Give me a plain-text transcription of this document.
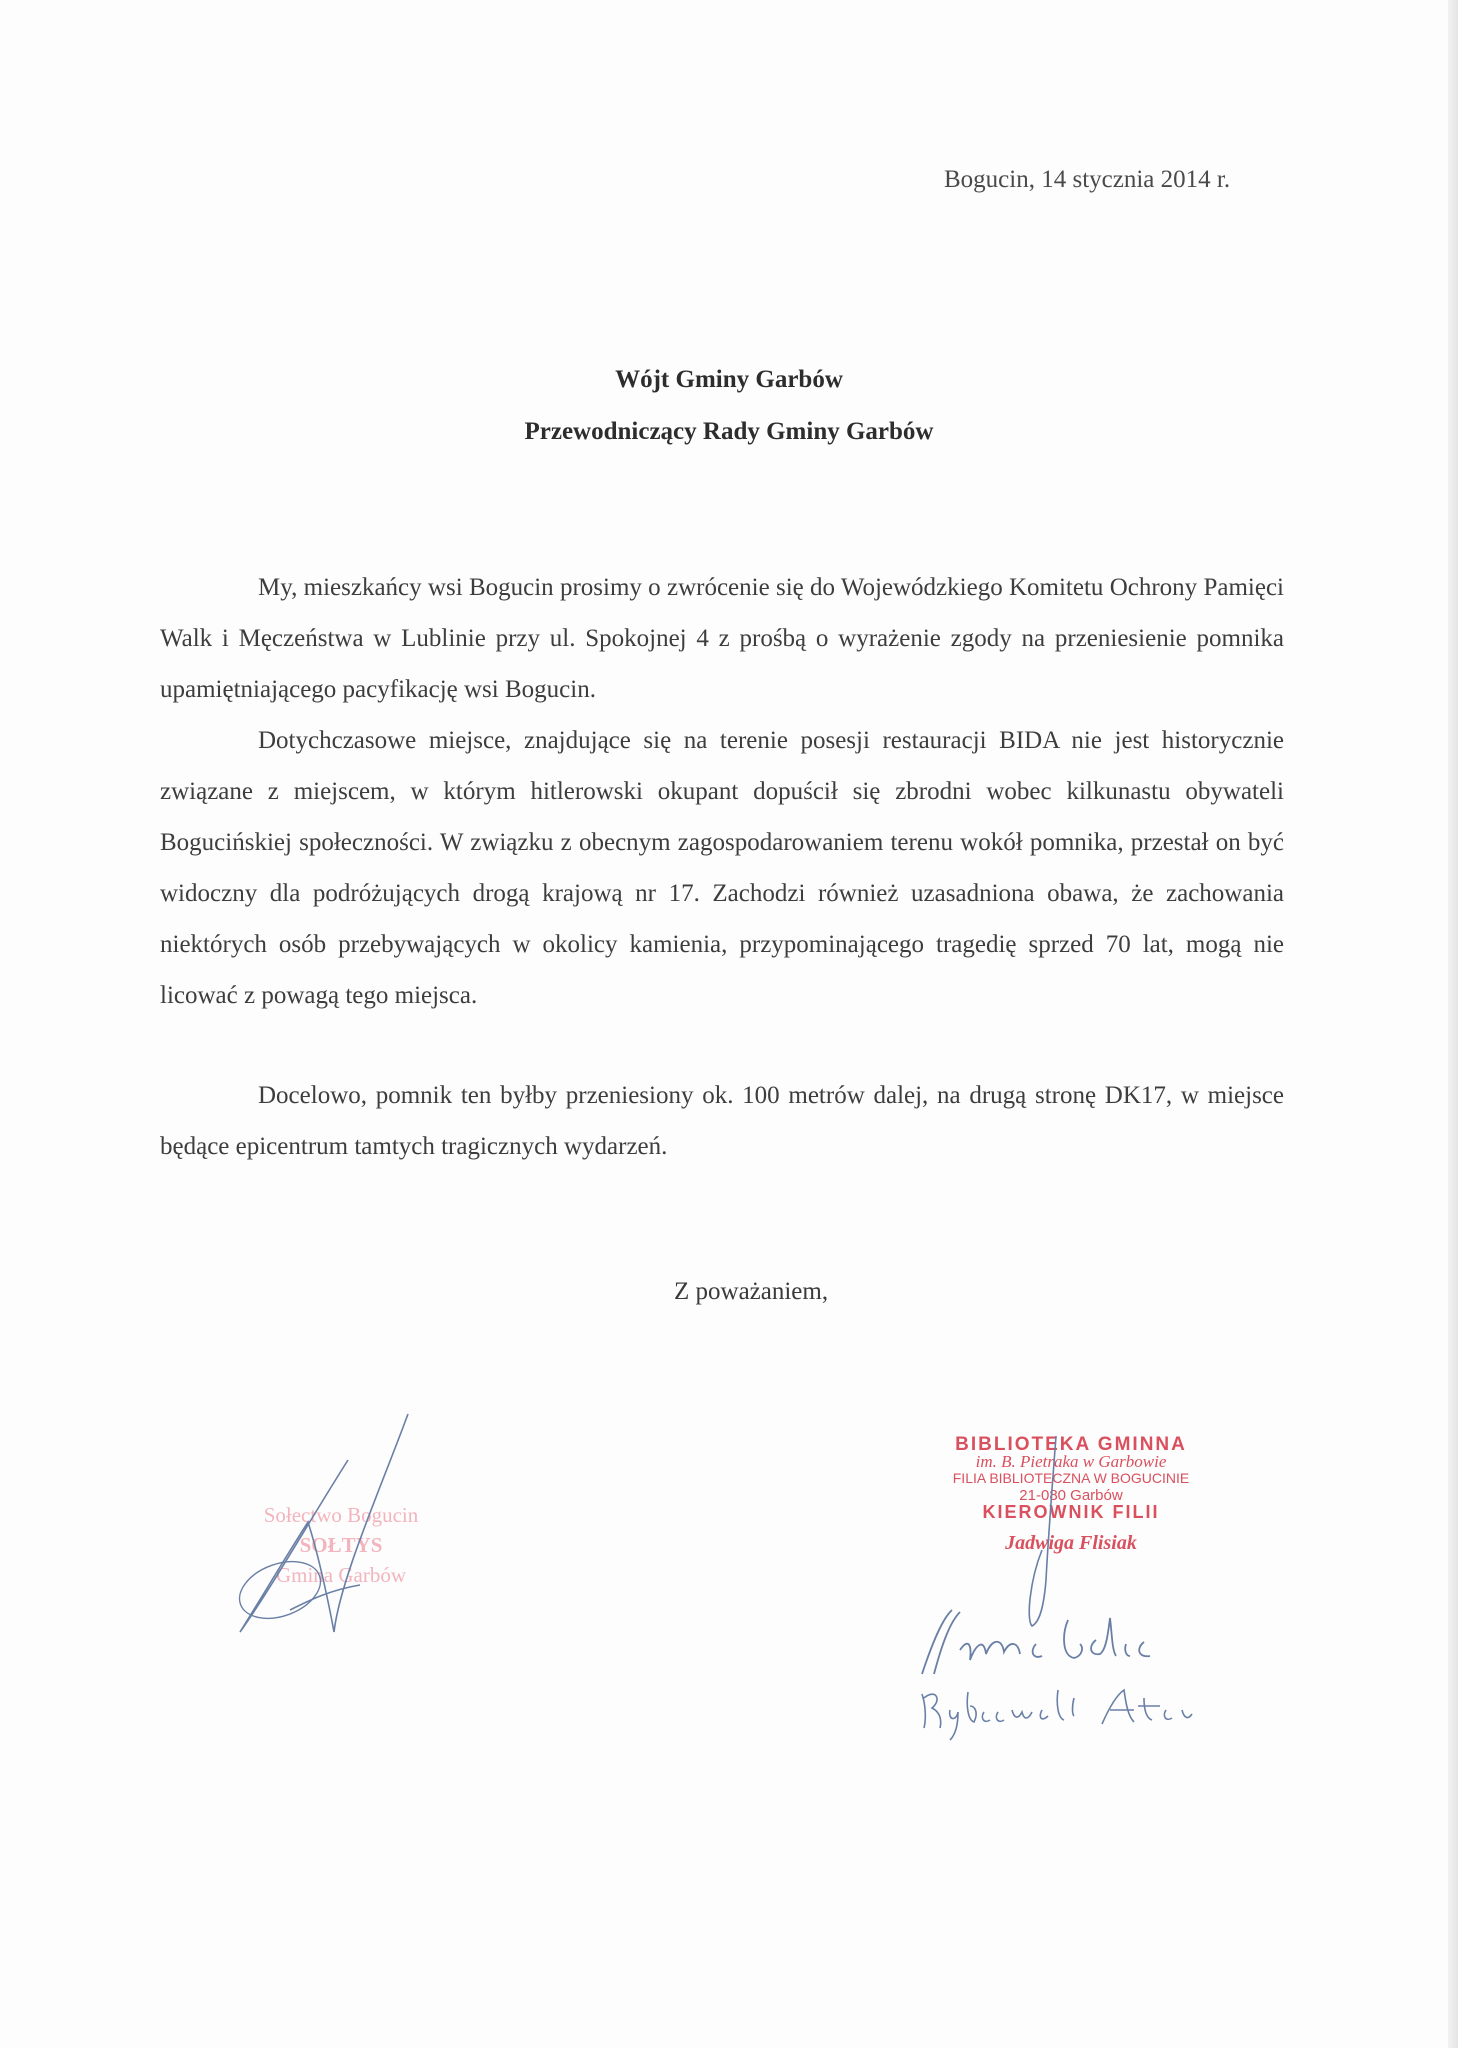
Bogucin, 14 stycznia 2014 r.
Wójt Gminy Garbów
Przewodniczący Rady Gminy Garbów

My, mieszkańcy wsi Bogucin prosimy o zwrócenie się do Wojewódzkiego Komitetu Ochrony Pamięci Walk i Męczeństwa w Lublinie przy ul. Spokojnej 4 z prośbą o wyrażenie zgody na przeniesienie pomnika upamiętniającego pacyfikację wsi Bogucin.

Dotychczasowe miejsce, znajdujące się na terenie posesji restauracji BIDA nie jest historycznie związane z miejscem, w którym hitlerowski okupant dopuścił się zbrodni wobec kilkunastu obywateli Bogucińskiej społeczności. W związku z obecnym zagospodarowaniem terenu wokół pomnika, przestał on być widoczny dla podróżujących drogą krajową nr 17. Zachodzi również uzasadniona obawa, że zachowania niektórych osób przebywających w okolicy kamienia, przypominającego tragedię sprzed 70 lat, mogą nie licować z powagą tego miejsca.

Docelowo, pomnik ten byłby przeniesiony ok. 100 metrów dalej, na drugą stronę DK17, w miejsce będące epicentrum tamtych tragicznych wydarzeń.

Z poważaniem,
Sołectwo Bogucin
SOŁTYS
Gmina Garbów
BIBLIOTEKA GMINNA
im. B. Pietraka w Garbowie
FILIA BIBLIOTECZNA W BOGUCINIE
21-080 Garbów
KIEROWNIK FILII
Jadwiga Flisiak
